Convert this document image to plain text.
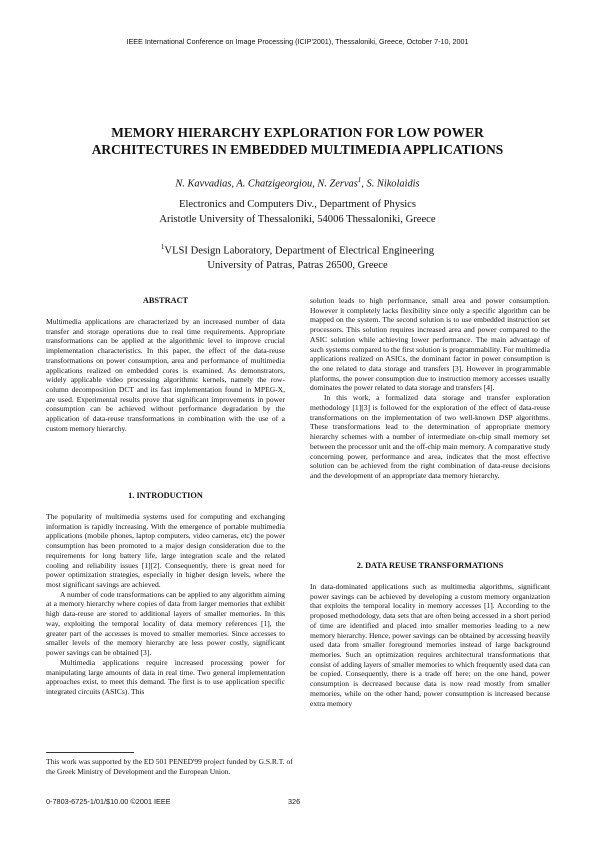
IEEE International Conference on Image Processing (ICIP'2001), Thessaloniki, Greece, October 7-10, 2001
MEMORY HIERARCHY EXPLORATION FOR LOW POWER
ARCHITECTURES IN EMBEDDED MULTIMEDIA APPLICATIONS
N. Kavvadias, A. Chatzigeorgiou, N. Zervas$^1$, S. Nikolaidis
Electronics and Computers Div., Department of Physics
Aristotle University of Thessaloniki, 54006 Thessaloniki, Greece
$^1$VLSI Design Laboratory, Department of Electrical Engineering
University of Patras, Patras 26500, Greece
ABSTRACT

Multimedia applications are characterized by an increased number of data transfer and storage operations due to real time requirements. Appropriate transformations can be applied at the algorithmic level to improve crucial implementation characteristics. In this paper, the effect of the data-reuse transformations on power consumption, area and performance of multimedia applications realized on embedded cores is examined. As demonstrators, widely applicable video processing algorithmic kernels, namely the row-column decomposition DCT and its fast implementation found in MPEG-X, are used. Experimental results prove that significant improvements in power consumption can be achieved without performance degradation by the application of data-reuse transformations in combination with the use of a custom memory hierarchy.

1. INTRODUCTION

The popularity of multimedia systems used for computing and exchanging information is rapidly increasing. With the emergence of portable multimedia applications (mobile phones, laptop computers, video cameras, etc) the power consumption has been promoted to a major design consideration due to the requirements for long battery life, large integration scale and the related cooling and reliability issues [1][2]. Consequently, there is great need for power optimization strategies, especially in higher design levels, where the most significant savings are achieved.

A number of code transformations can be applied to any algorithm aiming at a memory hierarchy where copies of data from larger memories that exhibit high data-reuse are stored to additional layers of smaller memories. In this way, exploiting the temporal locality of data memory references [1], the greater part of the accesses is moved to smaller memories. Since accesses to smaller levels of the memory hierarchy are less power costly, significant power savings can be obtained [3].

Multimedia applications require increased processing power for manipulating large amounts of data in real time. Two general implementation approaches exist, to meet this demand. The first is to use application specific integrated circuits (ASICs). This

solution leads to high performance, small area and power consumption. However it completely lacks flexibility since only a specific algorithm can be mapped on the system. The second solution is to use embedded instruction set processors. This solution requires increased area and power compared to the ASIC solution while achieving lower performance. The main advantage of such systems compared to the first solution is programmability. For multimedia applications realized on ASICs, the dominant factor in power consumption is the one related to data storage and transfers [3]. However in programmable platforms, the power consumption due to instruction memory accesses usually dominates the power related to data storage and transfers [4].

In this work, a formalized data storage and transfer exploration methodology [1][3] is followed for the exploration of the effect of data-reuse transformations on the implementation of two well-known DSP algorithms. These transformations lead to the determination of appropriate memory hierarchy schemes with a number of intermediate on-chip small memory set between the processor unit and the off-chip main memory. A comparative study concerning power, performance and area, indicates that the most effective solution can be achieved from the right combination of data-reuse decisions and the development of an appropriate data memory hierarchy.

2. DATA REUSE TRANSFORMATIONS

In data-dominated applications such as multimedia algorithms, significant power savings can be achieved by developing a custom memory organization that exploits the temporal locality in memory accesses [1]. According to the proposed methodology, data sets that are often being accessed in a short period of time are identified and placed into smaller memories leading to a new memory hierarchy. Hence, power savings can be obtained by accessing heavily used data from smaller foreground memories instead of large background memories. Such an optimization requires architectural transformations that consist of adding layers of smaller memories to which frequently used data can be copied. Consequently, there is a trade off here; on the one hand, power consumption is decreased because data is now read mostly from smaller memories, while on the other hand, power consumption is increased because extra memory

This work was supported by the ED 501 PENED'99 project funded by G.S.R.T. of the Greek Ministry of Development and the European Union.
0-7803-6725-1/01/$10.00 ©2001 IEEE	326
